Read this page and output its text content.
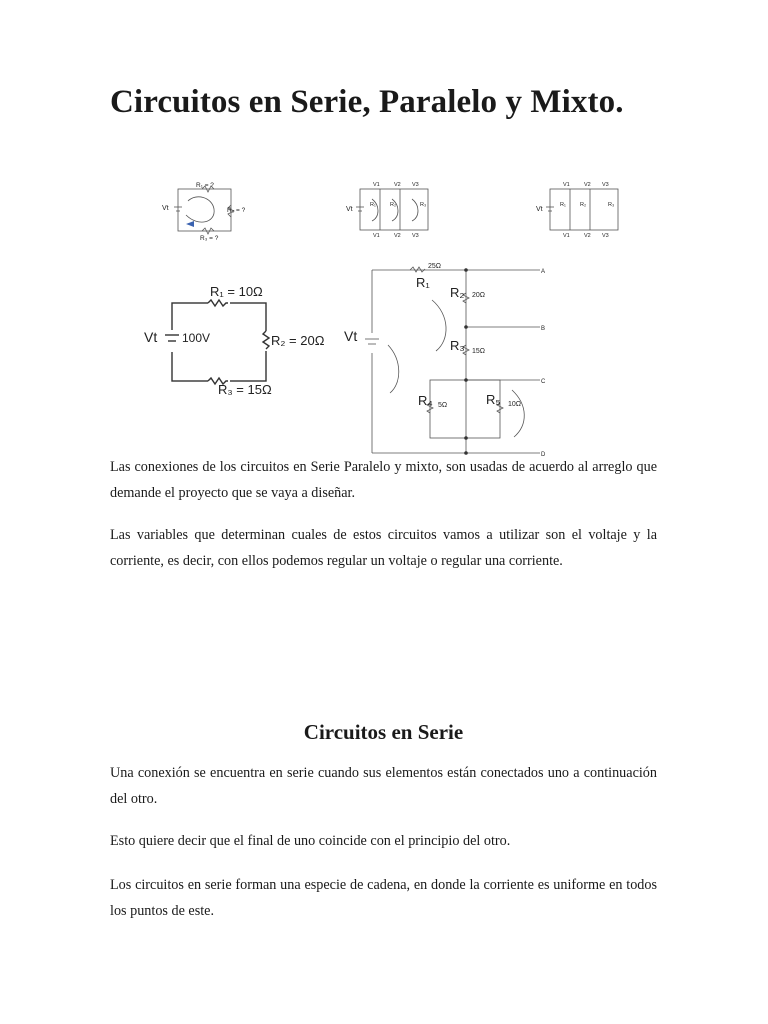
Circuitos en Serie, Paralelo y Mixto.
Vt
R₁ = ?
R₂ = ?
R₃ = ?
Vt
V1	V2 V3
V1	V2 V3
R₁	R₂	R₃
Vt
V1	V2 V3
V1	V2 V3
R₁	R₂	R₃
Vt 100V
R₁ = 10Ω
R₂ = 20Ω
R₃ = 15Ω
Vt
R₁
25Ω
R₂ 20Ω
R₃ 15Ω
R₄ 5Ω	R₅ 10Ω
A
B
C
D

Las conexiones de los circuitos en Serie Paralelo y mixto, son usadas de acuerdo al arreglo que demande el proyecto que se vaya a diseñar.

Las variables que determinan cuales de estos circuitos vamos a utilizar son el voltaje y la corriente, es decir, con ellos podemos regular un voltaje o regular una corriente.

Circuitos en Serie

Una conexión se encuentra en serie cuando sus elementos están conectados uno a continuación del otro.

Esto quiere decir que el final de uno coincide con el principio del otro.

Los circuitos en serie forman una especie de cadena, en donde la corriente es uniforme en todos los puntos de este.
